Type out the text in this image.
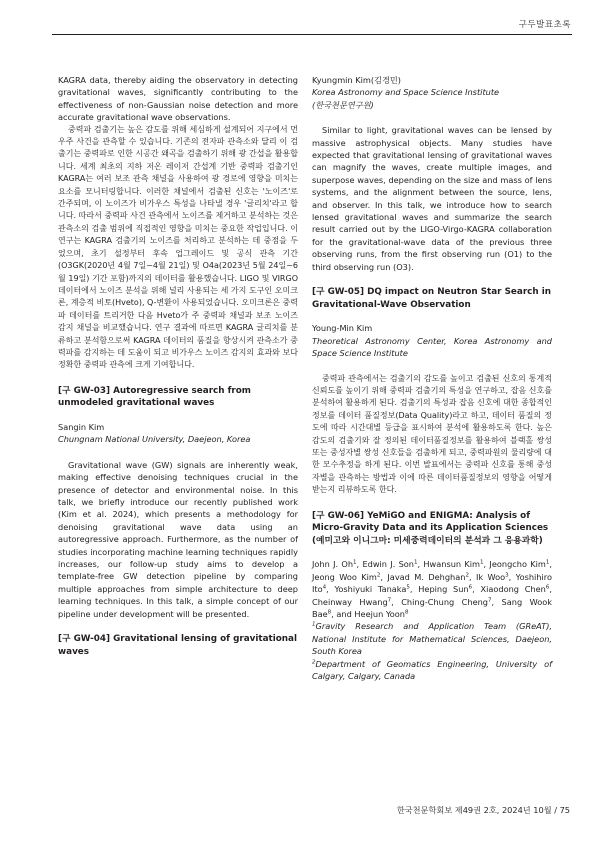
구두발표초록

KAGRA data, thereby aiding the observatory in detecting gravitational waves, significantly contributing to the effectiveness of non-Gaussian noise detection and more accurate gravitational wave observations.

중력파 검출기는 높은 감도를 위해 세심하게 설계되어 지구에서 먼 우주 사건을 관측할 수 있습니다. 기존의 전자파 관측소와 달리 이 검출기는 중력파로 인한 시공간 왜곡을 검출하기 위해 광 간섭을 활용합니다. 세계 최초의 지하 저온 레이저 간섭계 기반 중력파 검출기인 KAGRA는 여러 보조 관측 채널을 사용하여 광 경로에 영향을 미치는 요소를 모니터링합니다. 이러한 채널에서 검출된 신호는 '노이즈'로 간주되며, 이 노이즈가 비가우스 특성을 나타낼 경우 '글리치'라고 합니다. 따라서 중력파 사건 관측에서 노이즈를 제거하고 분석하는 것은 관측소의 검출 범위에 직접적인 영향을 미치는 중요한 작업입니다. 이 연구는 KAGRA 검출기의 노이즈를 처리하고 분석하는 데 중점을 두었으며, 초기 설정부터 후속 업그레이드 및 공식 관측 기간(O3GK(2020년 4월 7일~4월 21일) 및 O4a(2023년 5월 24일~6월 19일) 기간 포함)까지의 데이터를 활용했습니다. LIGO 및 VIRGO 데이터에서 노이즈 분석을 위해 널리 사용되는 세 가지 도구인 오미크론, 계층적 비토(Hveto), Q-변환이 사용되었습니다. 오미크론은 중력파 데이터를 트리거한 다음 Hveto가 주 중력파 채널과 보조 노이즈 감지 채널을 비교했습니다. 연구 결과에 따르면 KAGRA 글리치를 분류하고 분석함으로써 KAGRA 데이터의 품질을 향상시켜 관측소가 중력파를 감지하는 데 도움이 되고 비가우스 노이즈 감지의 효과와 보다 정확한 중력파 관측에 크게 기여합니다.

[구 GW-03] Autoregressive search from unmodeled gravitational waves

Sangin Kim

Chungnam National University, Daejeon, Korea

Gravitational wave (GW) signals are inherently weak, making effective denoising techniques crucial in the presence of detector and environmental noise. In this talk, we briefly introduce our recently published work (Kim et al. 2024), which presents a methodology for denoising gravitational wave data using an autoregressive approach. Furthermore, as the number of studies incorporating machine learning techniques rapidly increases, our follow-up study aims to develop a template-free GW detection pipeline by comparing multiple approaches from simple architecture to deep learning techniques. In this talk, a simple concept of our pipeline under development will be presented.

[구 GW-04] Gravitational lensing of gravitational waves

Kyungmin Kim(김경민)

Korea Astronomy and Space Science Institute
(한국천문연구원)

Similar to light, gravitational waves can be lensed by massive astrophysical objects. Many studies have expected that gravitational lensing of gravitational waves can magnify the waves, create multiple images, and superpose waves, depending on the size and mass of lens systems, and the alignment between the source, lens, and observer. In this talk, we introduce how to search lensed gravitational waves and summarize the search result carried out by the LIGO-Virgo-KAGRA collaboration for the gravitational-wave data of the previous three observing runs, from the first observing run (O1) to the third observing run (O3).

[구 GW-05] DQ impact on Neutron Star Search in Gravitational-Wave Observation

Young-Min Kim

Theoretical Astronomy Center, Korea Astronomy and Space Science Institute

중력파 관측에서는 검출기의 감도를 높이고 검출된 신호의 통계적 신뢰도를 높이기 위해 중력파 검출기의 특성을 연구하고, 잡음 신호를 분석하여 활용하게 된다. 검출기의 특성과 잡음 신호에 대한 종합적인 정보를 데이터 품질정보(Data Quality)라고 하고, 데이터 품질의 정도에 따라 시간대별 등급을 표시하여 분석에 활용하도록 한다. 높은 감도의 검출기와 잘 정의된 데이터품질정보를 활용하여 블랙홀 쌍성 또는 중성자별 쌍성 신호들을 검출하게 되고, 중력파원의 물리량에 대한 모수추정을 하게 된다. 이번 발표에서는 중력파 신호를 통해 중성자별을 관측하는 방법과 이에 따른 데이터품질정보의 영향을 어떻게 받는지 리뷰하도록 한다.

[구 GW-06] YeMiGO and ENIGMA: Analysis of Micro-Gravity Data and its Application Sciences (예미고와 이니그마: 미세중력데이터의 분석과 그 응용과학)

John J. Oh$^1$, Edwin J. Son$^1$, Hwansun Kim$^1$, Jeongcho Kim$^1$, Jeong Woo Kim$^2$, Javad M. Dehghan$^2$, Ik Woo$^3$, Yoshihiro Ito$^4$, Yoshiyuki Tanaka$^5$, Heping Sun$^6$, Xiaodong Chen$^6$, Cheinway Hwang$^7$, Ching-Chung Cheng$^7$, Sang Wook Bae$^8$, and Heejun Yoon$^8$

$^1$Gravity Research and Application Team (GReAT), National Institute for Mathematical Sciences, Daejeon, South Korea

$^2$Department of Geomatics Engineering, University of Calgary, Calgary, Canada

한국천문학회보 제49권 2호, 2024년 10월 / 75
